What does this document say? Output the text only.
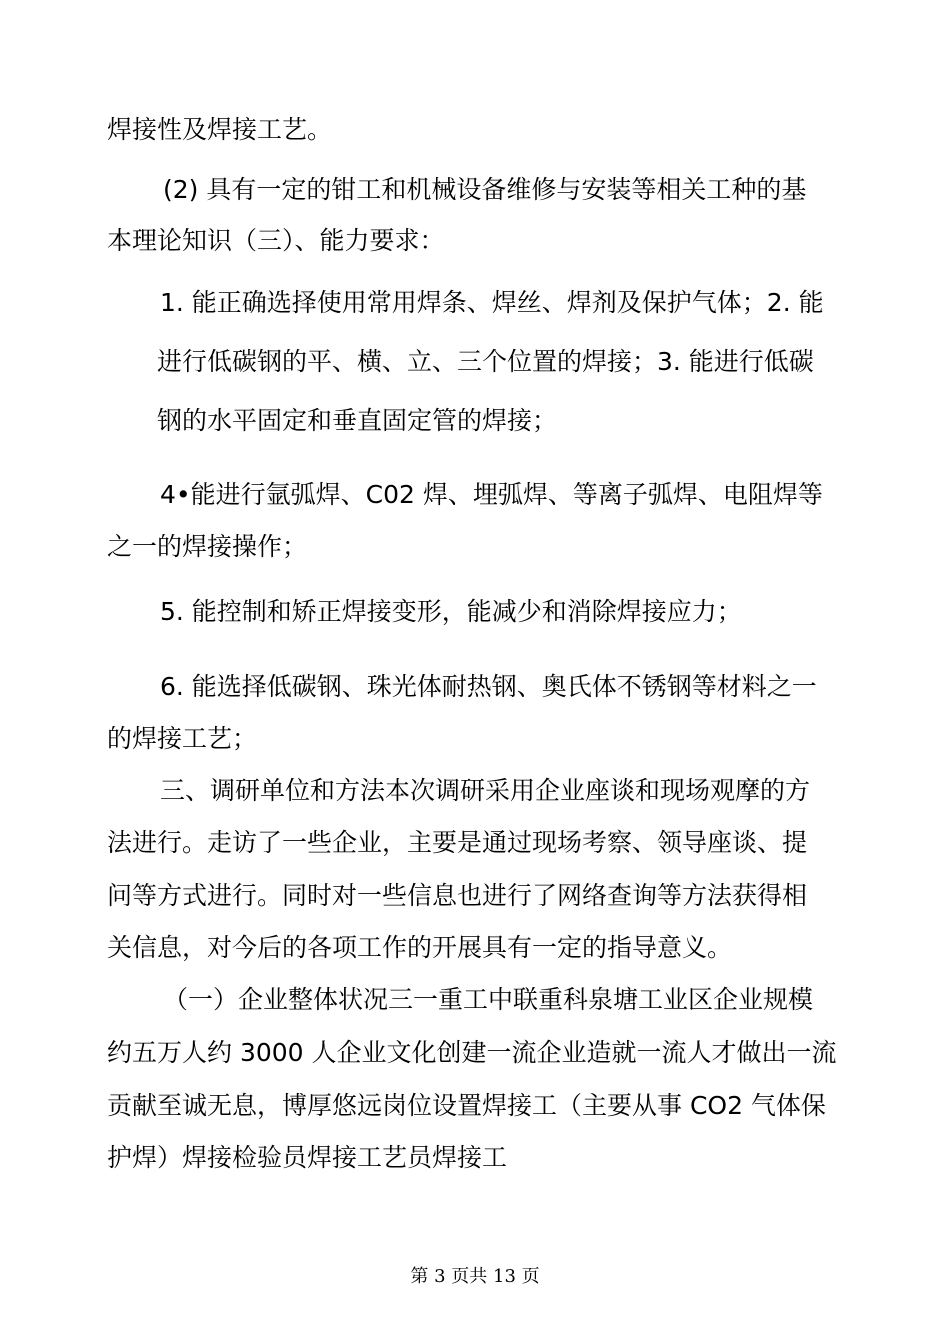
焊接性及焊接工艺。
(2) 具有一定的钳工和机械设备维修与安装等相关工种的基
本理论知识（三）、能力要求：
1. 能正确选择使用常用焊条、焊丝、焊剂及保护气体；2. 能
进行低碳钢的平、横、立、三个位置的焊接；3. 能进行低碳
钢的水平固定和垂直固定管的焊接；
4•能进行氩弧焊、C02 焊、埋弧焊、等离子弧焊、电阻焊等
之一的焊接操作；
5. 能控制和矫正焊接变形，能减少和消除焊接应力；
6. 能选择低碳钢、珠光体耐热钢、奥氏体不锈钢等材料之一
的焊接工艺；
三、调研单位和方法本次调研采用企业座谈和现场观摩的方
法进行。走访了一些企业，主要是通过现场考察、领导座谈、提
问等方式进行。同时对一些信息也进行了网络查询等方法获得相
关信息，对今后的各项工作的开展具有一定的指导意义。
（一）企业整体状况三一重工中联重科泉塘工业区企业规模
约五万人约 3000 人企业文化创建一流企业造就一流人才做出一流
贡献至诚无息，博厚悠远岗位设置焊接工（主要从事 CO2 气体保
护焊）焊接检验员焊接工艺员焊接工
第 3 页共 13 页
